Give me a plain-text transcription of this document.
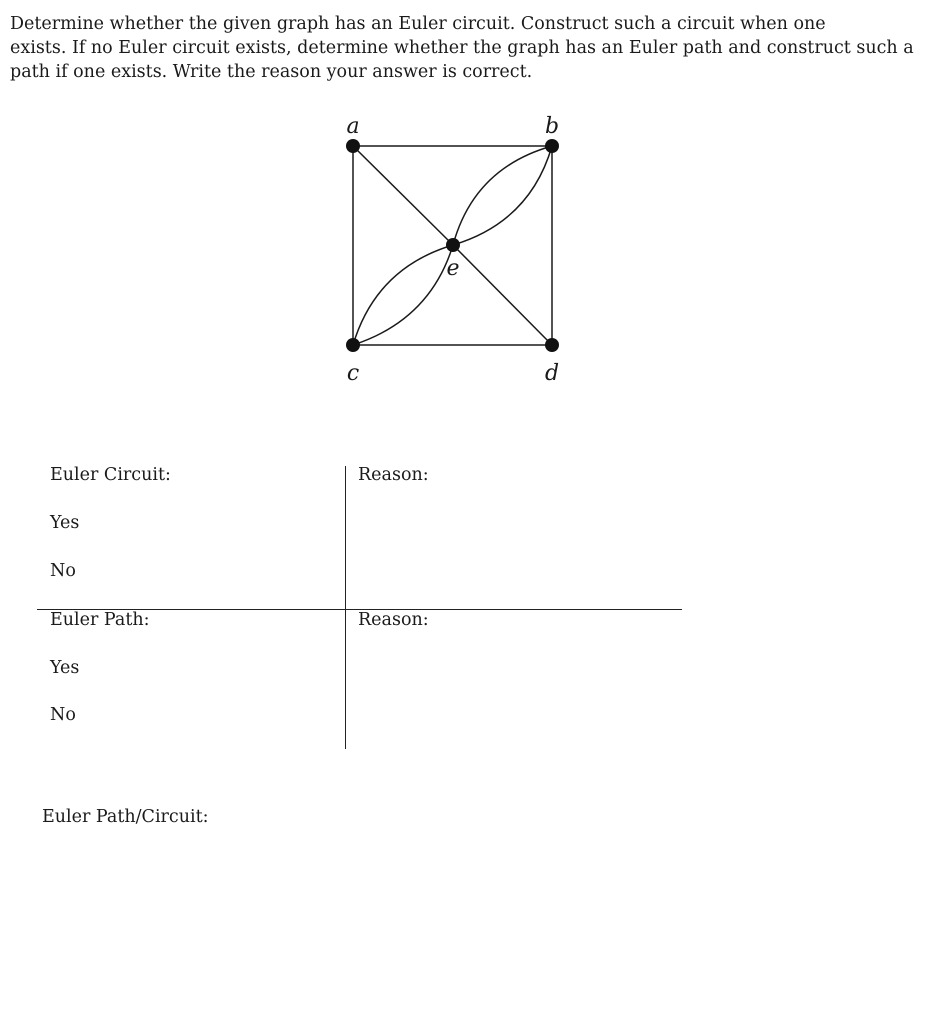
Determine whether the given graph has an Euler circuit. Construct such a circuit when one
exists. If no Euler circuit exists, determine whether the graph has an Euler path and construct such a
path if one exists. Write the reason your answer is correct.
a	b
c	d
e
Euler Circuit:
Yes
No
Reason:
Euler Path:
Yes
No
Reason:
Euler Path/Circuit:
